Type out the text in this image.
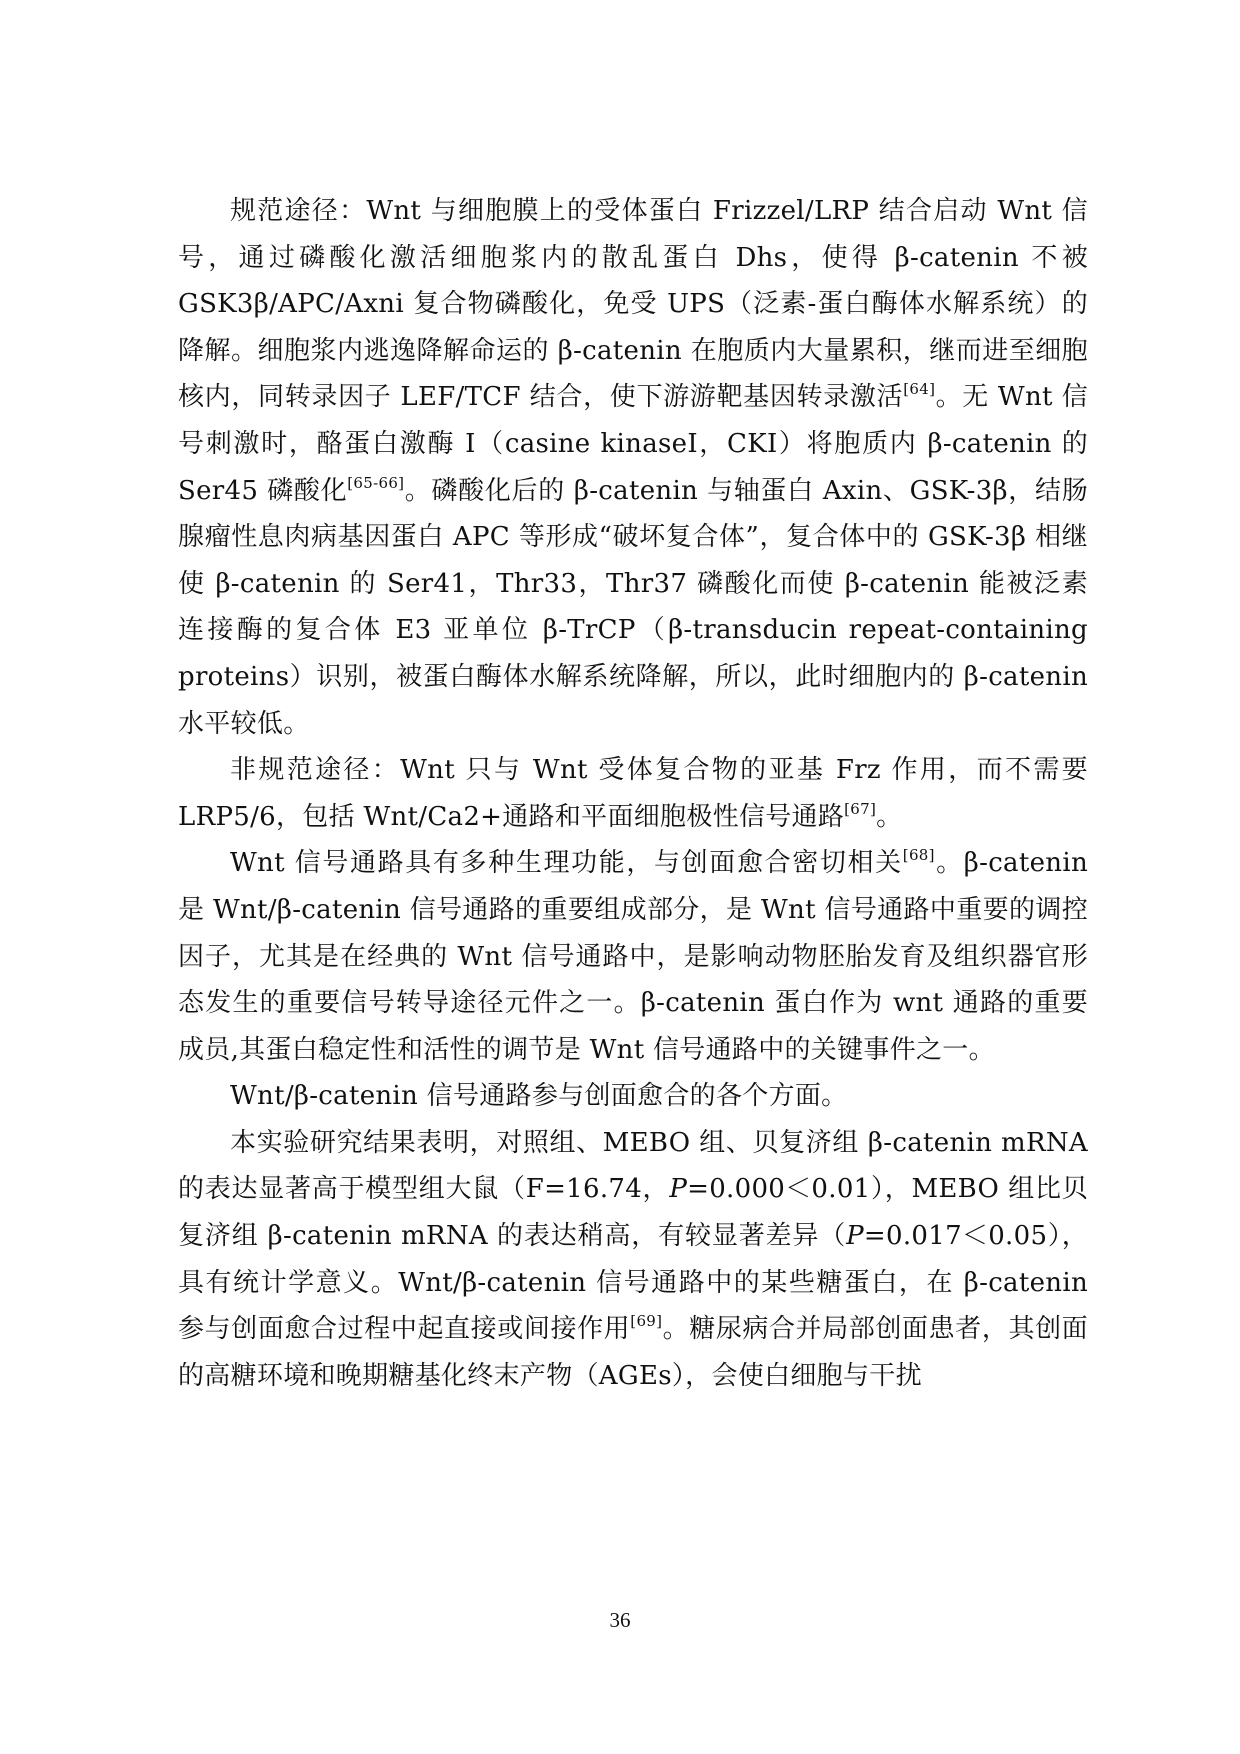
规范途径：Wnt 与细胞膜上的受体蛋白 Frizzel/LRP 结合启动 Wnt 信号，通过磷酸化激活细胞浆内的散乱蛋白 Dhs，使得 β-catenin 不被 GSK3β/APC/Axni 复合物磷酸化，免受 UPS（泛素-蛋白酶体水解系统）的降解。细胞浆内逃逸降解命运的 β-catenin 在胞质内大量累积，继而进至细胞核内，同转录因子 LEF/TCF 结合，使下游游靶基因转录激活[64]。无 Wnt 信号刺激时，酪蛋白激酶 I（casine kinaseI，CKI）将胞质内 β-catenin 的 Ser45 磷酸化[65-66]。磷酸化后的 β-catenin 与轴蛋白 Axin、GSK-3β，结肠腺瘤性息肉病基因蛋白 APC 等形成“破坏复合体”，复合体中的 GSK-3β 相继使 β-catenin 的 Ser41，Thr33，Thr37 磷酸化而使 β-catenin 能被泛素连接酶的复合体 E3 亚单位 β-TrCP（β-transducin repeat-containing proteins）识别，被蛋白酶体水解系统降解，所以，此时细胞内的 β-catenin 水平较低。

非规范途径：Wnt 只与 Wnt 受体复合物的亚基 Frz 作用，而不需要 LRP5/6，包括 Wnt/Ca2+通路和平面细胞极性信号通路[67]。

Wnt 信号通路具有多种生理功能，与创面愈合密切相关[68]。β-catenin 是 Wnt/β-catenin 信号通路的重要组成部分，是 Wnt 信号通路中重要的调控因子，尤其是在经典的 Wnt 信号通路中，是影响动物胚胎发育及组织器官形态发生的重要信号转导途径元件之一。β-catenin 蛋白作为 wnt 通路的重要成员,其蛋白稳定性和活性的调节是 Wnt 信号通路中的关键事件之一。

Wnt/β-catenin 信号通路参与创面愈合的各个方面。

本实验研究结果表明，对照组、MEBO 组、贝复济组 β-catenin mRNA 的表达显著高于模型组大鼠（F=16.74，P=0.000＜0.01），MEBO 组比贝复济组 β-catenin mRNA 的表达稍高，有较显著差异（P=0.017＜0.05），具有统计学意义。Wnt/β-catenin 信号通路中的某些糖蛋白，在 β-catenin 参与创面愈合过程中起直接或间接作用[69]。糖尿病合并局部创面患者，其创面的高糖环境和晚期糖基化终末产物（AGEs），会使白细胞与干扰

36
